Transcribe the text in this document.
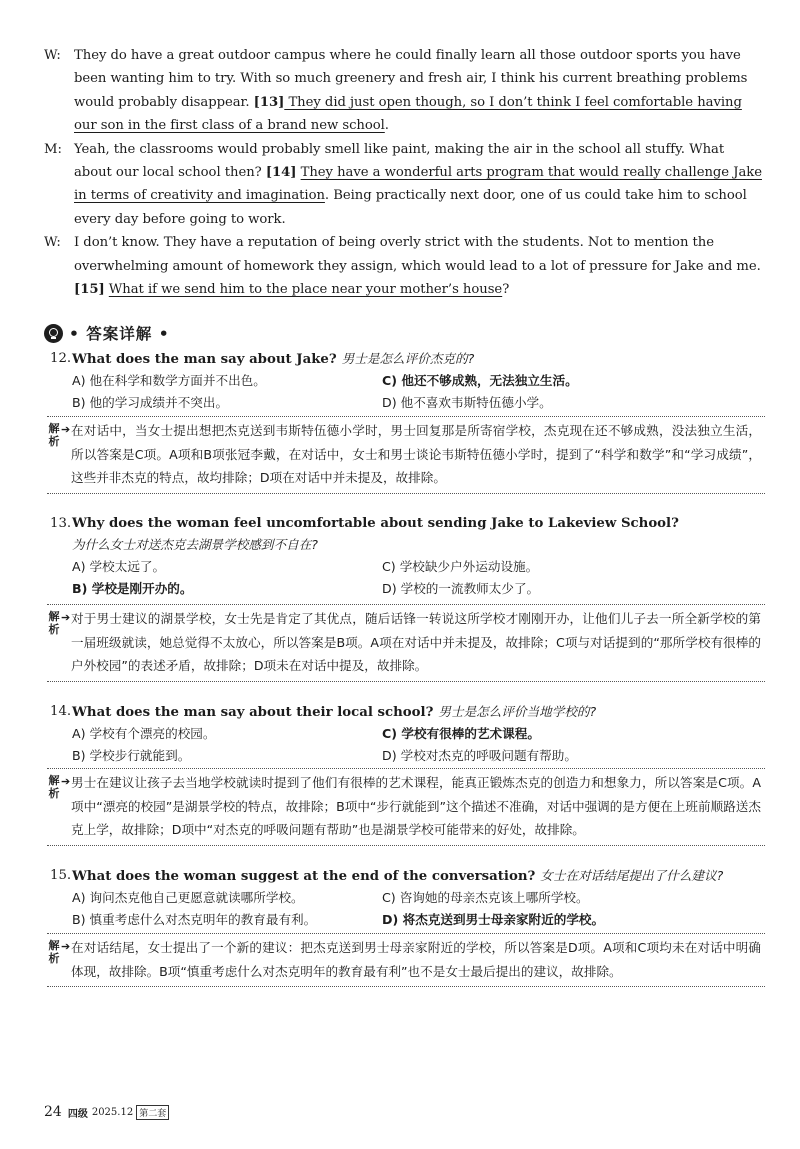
W: They do have a great outdoor campus where he could finally learn all those outdoor sports you have been wanting him to try. With so much greenery and fresh air, I think his current breathing problems would probably disappear. [13] They did just open though, so I don’t think I feel comfortable having our son in the first class of a brand new school.
M: Yeah, the classrooms would probably smell like paint, making the air in the school all stuffy. What about our local school then? [14] They have a wonderful arts program that would really challenge Jake in terms of creativity and imagination. Being practically next door, one of us could take him to school every day before going to work.
W: I don’t know. They have a reputation of being overly strict with the students. Not to mention the overwhelming amount of homework they assign, which would lead to a lot of pressure for Jake and me. [15] What if we send him to the place near your mother’s house?
• 答案详解 •
12. What does the man say about Jake? 男士是怎么评价杰克的?
A) 他在科学和数学方面并不出色。	C) 他还不够成熟，无法独立生活。
B) 他的学习成绩并不突出。	D) 他不喜欢韦斯特伍德小学。
解析
➔ 在对话中，当女士提出想把杰克送到韦斯特伍德小学时，男士回复那是所寄宿学校，杰克现在还不够成熟，没法独立生活，所以答案是C项。A项和B项张冠李戴，在对话中，女士和男士谈论韦斯特伍德小学时，提到了“科学和数学”和“学习成绩”，这些并非杰克的特点，故均排除；D项在对话中并未提及，故排除。
13. Why does the woman feel uncomfortable about sending Jake to Lakeview School?
为什么女士对送杰克去湖景学校感到不自在?
A) 学校太远了。	C) 学校缺少户外运动设施。
B) 学校是刚开办的。	D) 学校的一流教师太少了。
解析
➔ 对于男士建议的湖景学校，女士先是肯定了其优点，随后话锋一转说这所学校才刚刚开办，让他们儿子去一所全新学校的第一届班级就读，她总觉得不太放心，所以答案是B项。A项在对话中并未提及，故排除；C项与对话提到的“那所学校有很棒的户外校园”的表述矛盾，故排除；D项未在对话中提及，故排除。
14. What does the man say about their local school? 男士是怎么评价当地学校的?
A) 学校有个漂亮的校园。	C) 学校有很棒的艺术课程。
B) 学校步行就能到。	D) 学校对杰克的呼吸问题有帮助。
解析
➔ 男士在建议让孩子去当地学校就读时提到了他们有很棒的艺术课程，能真正锻炼杰克的创造力和想象力，所以答案是C项。A项中“漂亮的校园”是湖景学校的特点，故排除；B项中“步行就能到”这个描述不准确，对话中强调的是方便在上班前顺路送杰克上学，故排除；D项中“对杰克的呼吸问题有帮助”也是湖景学校可能带来的好处，故排除。
15. What does the woman suggest at the end of the conversation? 女士在对话结尾提出了什么建议?
A) 询问杰克他自己更愿意就读哪所学校。	C) 咨询她的母亲杰克该上哪所学校。
B) 慎重考虑什么对杰克明年的教育最有利。	D) 将杰克送到男士母亲家附近的学校。
解析
➔ 在对话结尾，女士提出了一个新的建议：把杰克送到男士母亲家附近的学校，所以答案是D项。A项和C项均未在对话中明确体现，故排除。B项“慎重考虑什么对杰克明年的教育最有利”也不是女士最后提出的建议，故排除。
24 四级 2025.12 第二套
